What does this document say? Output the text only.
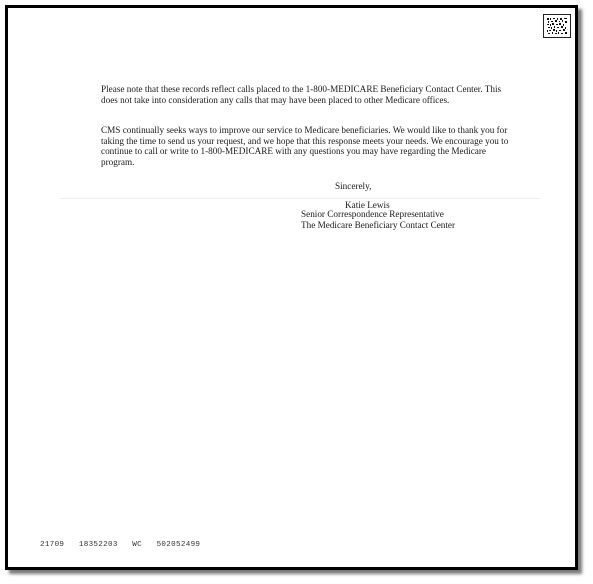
Please note that these records reflect calls placed to the 1-800-MEDICARE Beneficiary Contact Center. This does not take into consideration any calls that may have been placed to other Medicare offices.

CMS continually seeks ways to improve our service to Medicare beneficiaries. We would like to thank you for taking the time to send us your request, and we hope that this response meets your needs. We encourage you to continue to call or write to 1-800-MEDICARE with any questions you may have regarding the Medicare program.

Sincerely,
Katie Lewis
Senior Correspondence Representative
The Medicare Beneficiary Contact Center
21709   18352203   WC   502052499
